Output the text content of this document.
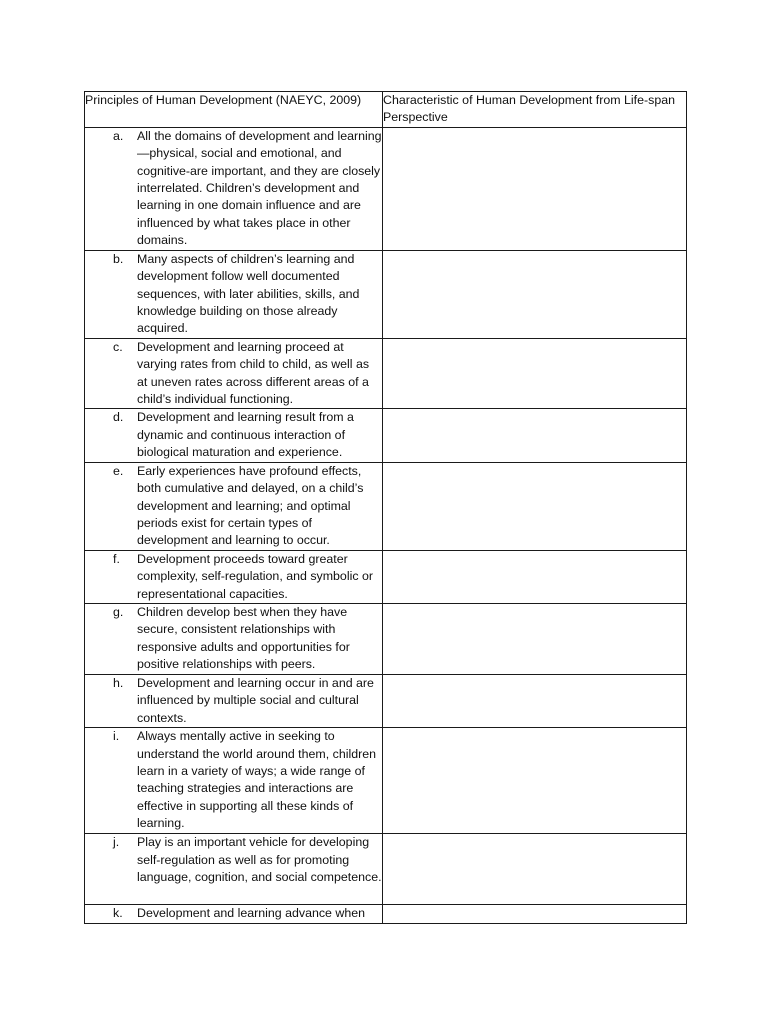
Principles of Human Development (NAEYC, 2009)	Characteristic of Human Development from Life-span Perspective

a. All the domains of development and learning—physical, social and emotional, and cognitive-are important, and they are closely interrelated. Children’s development and learning in one domain influence and are influenced by what takes place in other domains.	

b. Many aspects of children’s learning and development follow well documented sequences, with later abilities, skills, and knowledge building on those already acquired.	

c. Development and learning proceed at varying rates from child to child, as well as at uneven rates across different areas of a child’s individual functioning.	

d. Development and learning result from a dynamic and continuous interaction of biological maturation and experience.	

e. Early experiences have profound effects, both cumulative and delayed, on a child’s development and learning; and optimal periods exist for certain types of development and learning to occur.	

f. Development proceeds toward greater complexity, self-regulation, and symbolic or representational capacities.	

g. Children develop best when they have secure, consistent relationships with responsive adults and opportunities for positive relationships with peers.	

h. Development and learning occur in and are influenced by multiple social and cultural contexts.	

i. Always mentally active in seeking to understand the world around them, children learn in a variety of ways; a wide range of teaching strategies and interactions are effective in supporting all these kinds of learning.	

j. Play is an important vehicle for developing self-regulation as well as for promoting language, cognition, and social competence.	

k. Development and learning advance when	
